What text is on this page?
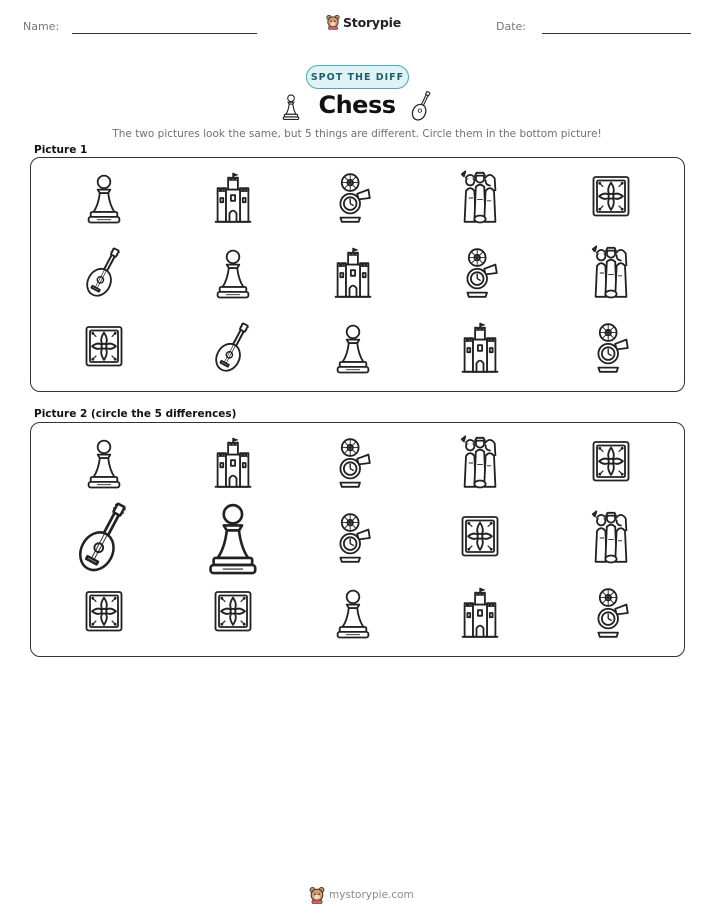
Name:	Storypie	Date:
SPOT THE DIFF
Chess
The two pictures look the same, but 5 things are different. Circle them in the bottom picture!
Picture 1
Picture 2 (circle the 5 differences)
mystorypie.com
